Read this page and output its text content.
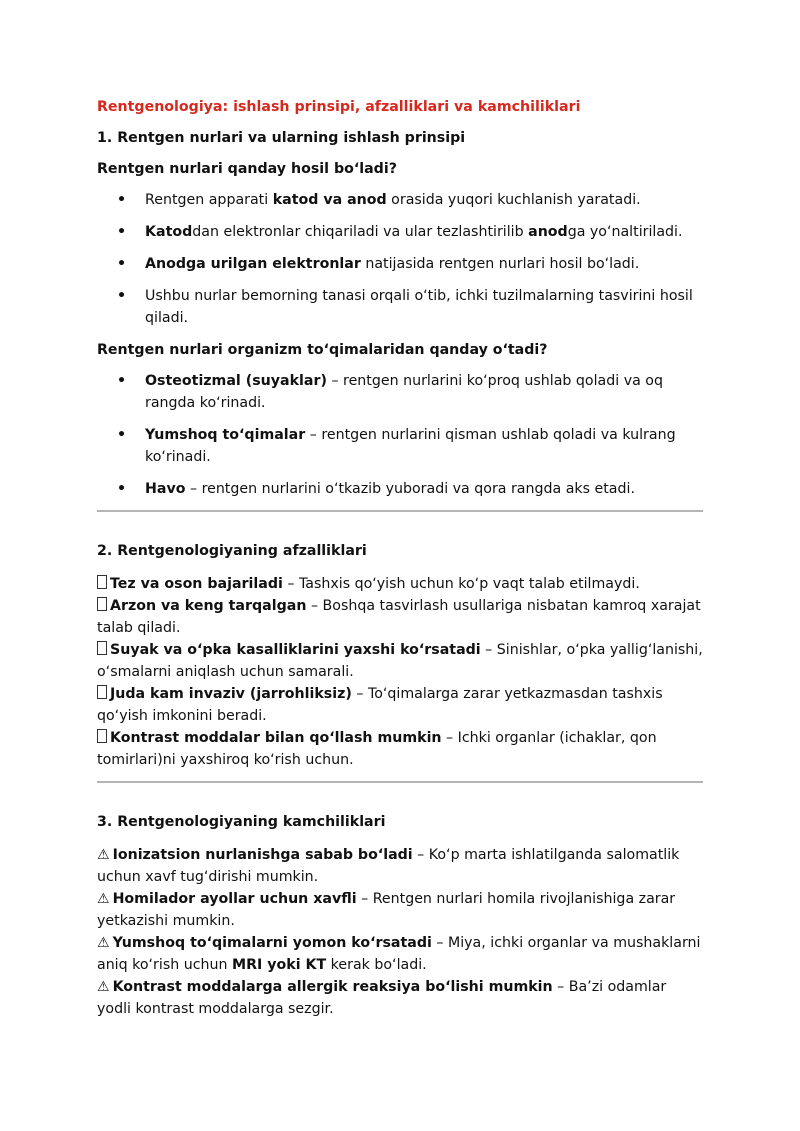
Rentgenologiya: ishlash prinsipi, afzalliklari va kamchiliklari

1. Rentgen nurlari va ularning ishlash prinsipi

Rentgen nurlari qanday hosil bo‘ladi?

• Rentgen apparati katod va anod orasida yuqori kuchlanish yaratadi.
• Katoddan elektronlar chiqariladi va ular tezlashtirilib anodga yo‘naltiriladi.
• Anodga urilgan elektronlar natijasida rentgen nurlari hosil bo‘ladi.
• Ushbu nurlar bemorning tanasi orqali o‘tib, ichki tuzilmalarning tasvirini hosil qiladi.

Rentgen nurlari organizm to‘qimalaridan qanday o‘tadi?

• Osteotizmal (suyaklar) – rentgen nurlarini ko‘proq ushlab qoladi va oq rangda ko‘rinadi.
• Yumshoq to‘qimalar – rentgen nurlarini qisman ushlab qoladi va kulrang ko‘rinadi.
• Havo – rentgen nurlarini o‘tkazib yuboradi va qora rangda aks etadi.

2. Rentgenologiyaning afzalliklari

Tez va oson bajariladi – Tashxis qo‘yish uchun ko‘p vaqt talab etilmaydi.
Arzon va keng tarqalgan – Boshqa tasvirlash usullariga nisbatan kamroq xarajat talab qiladi.
Suyak va o‘pka kasalliklarini yaxshi ko‘rsatadi – Sinishlar, o‘pka yallig‘lanishi, o‘smalarni aniqlash uchun samarali.
Juda kam invaziv (jarrohliksiz) – To‘qimalarga zarar yetkazmasdan tashxis qo‘yish imkonini beradi.
Kontrast moddalar bilan qo‘llash mumkin – Ichki organlar (ichaklar, qon tomirlari)ni yaxshiroq ko‘rish uchun.

3. Rentgenologiyaning kamchiliklari

⚠ Ionizatsion nurlanishga sabab bo‘ladi – Ko‘p marta ishlatilganda salomatlik uchun xavf tug‘dirishi mumkin.
⚠ Homilador ayollar uchun xavfli – Rentgen nurlari homila rivojlanishiga zarar yetkazishi mumkin.
⚠ Yumshoq to‘qimalarni yomon ko‘rsatadi – Miya, ichki organlar va mushaklarni aniq ko‘rish uchun MRI yoki KT kerak bo‘ladi.
⚠ Kontrast moddalarga allergik reaksiya bo‘lishi mumkin – Ba’zi odamlar yodli kontrast moddalarga sezgir.
